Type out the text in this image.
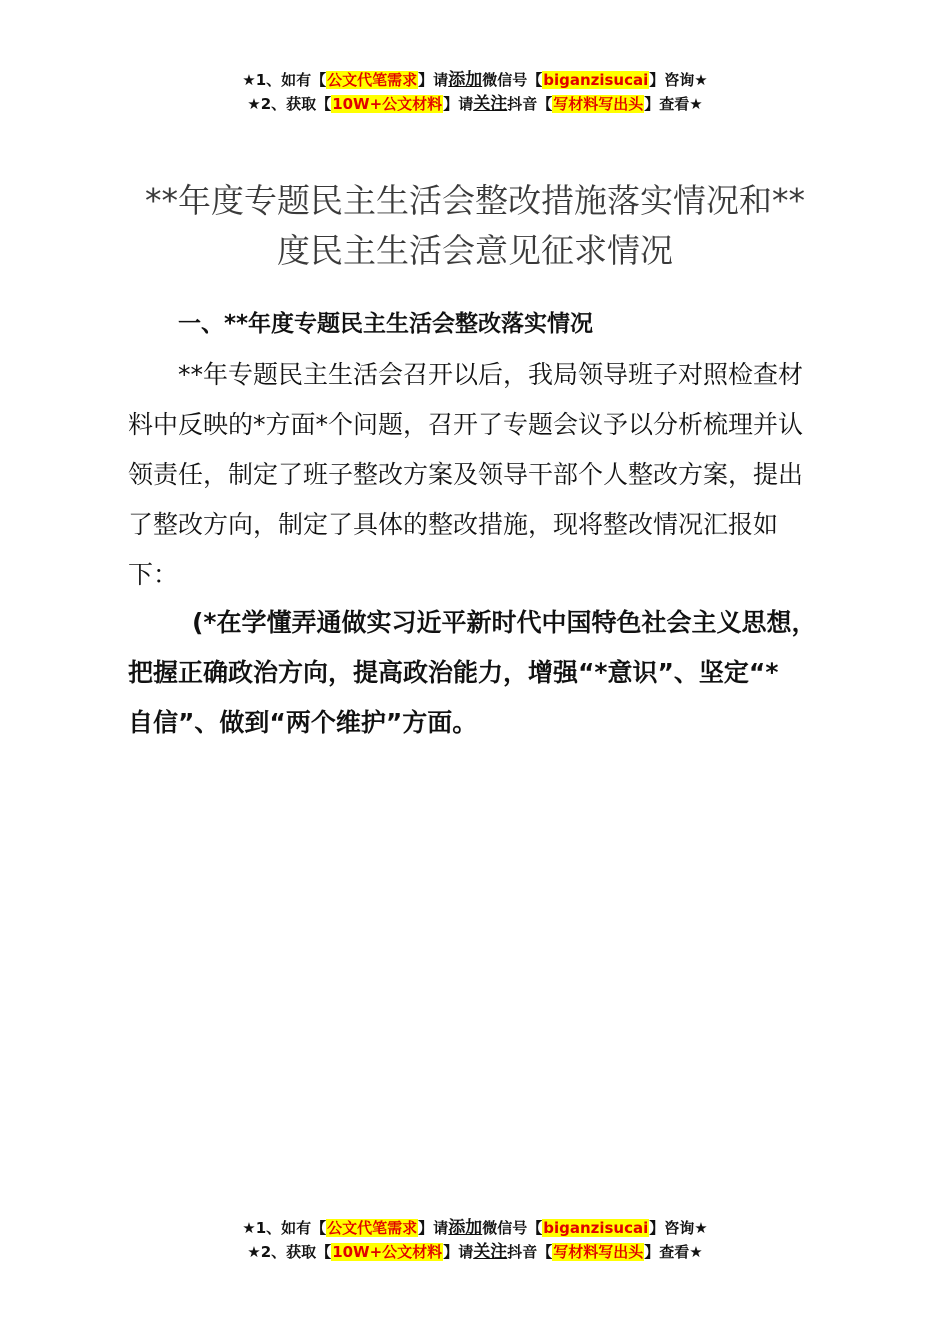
★1、如有【公文代笔需求】请添加微信号【biganzisucai】咨询★
★2、获取【10W+公文材料】请关注抖音【写材料写出头】查看★
**年度专题民主生活会整改措施落实情况和**
度民主生活会意见征求情况
一、**年度专题民主生活会整改落实情况
**年专题民主生活会召开以后，我局领导班子对照检查材
料中反映的*方面*个问题，召开了专题会议予以分析梳理并认
领责任，制定了班子整改方案及领导干部个人整改方案，提出
了整改方向，制定了具体的整改措施，现将整改情况汇报如
下：
(*在学懂弄通做实习近平新时代中国特色社会主义思想，
把握正确政治方向，提高政治能力，增强“*意识”、坚定“*
自信”、做到“两个维护”方面。
★1、如有【公文代笔需求】请添加微信号【biganzisucai】咨询★
★2、获取【10W+公文材料】请关注抖音【写材料写出头】查看★
